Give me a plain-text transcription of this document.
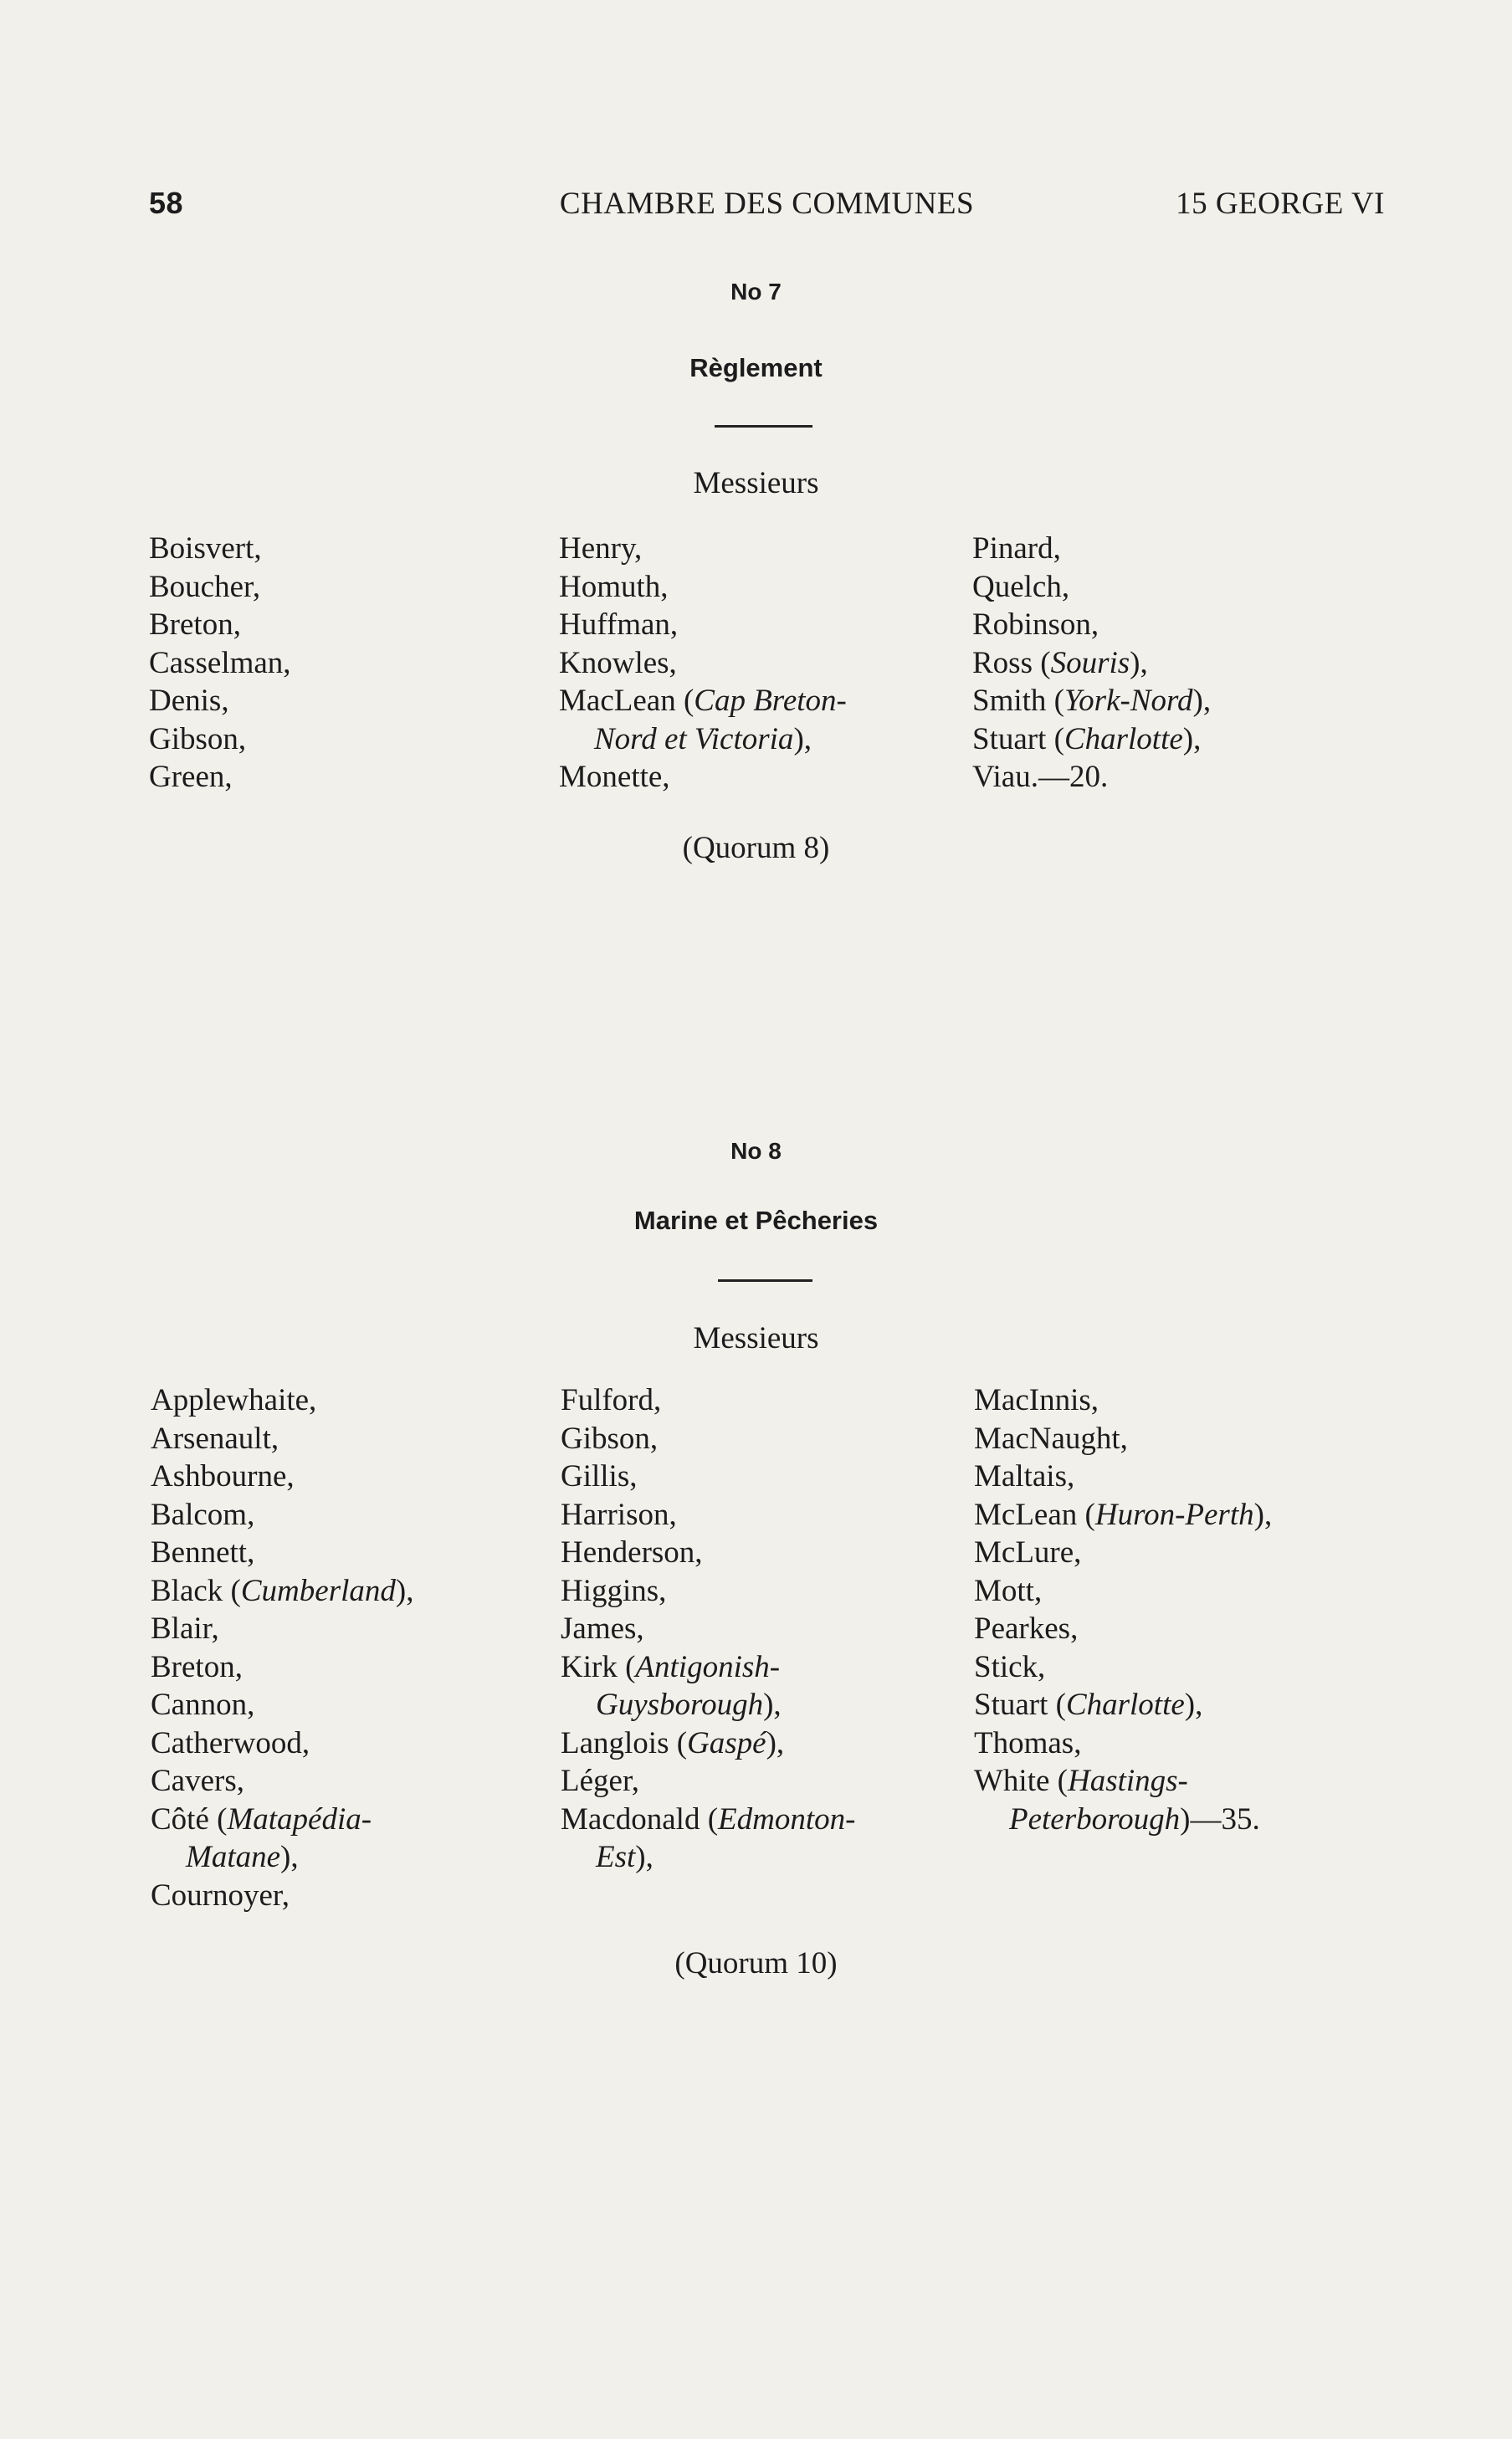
58	CHAMBRE DES COMMUNES	15 GEORGE VI
No 7
Règlement
Messieurs
Boisvert,
Boucher,
Breton,
Casselman,
Denis,
Gibson,
Green,
Henry,
Homuth,
Huffman,
Knowles,
MacLean (Cap Breton-
Nord et Victoria),
Monette,
Pinard,
Quelch,
Robinson,
Ross (Souris),
Smith (York-Nord),
Stuart (Charlotte),
Viau.—20.
(Quorum 8)
No 8
Marine et Pêcheries
Messieurs
Applewhaite,
Arsenault,
Ashbourne,
Balcom,
Bennett,
Black (Cumberland),
Blair,
Breton,
Cannon,
Catherwood,
Cavers,
Côté (Matapédia-
Matane),
Cournoyer,
Fulford,
Gibson,
Gillis,
Harrison,
Henderson,
Higgins,
James,
Kirk (Antigonish-
Guysborough),
Langlois (Gaspé),
Léger,
Macdonald (Edmonton-
Est),
MacInnis,
MacNaught,
Maltais,
McLean (Huron-Perth),
McLure,
Mott,
Pearkes,
Stick,
Stuart (Charlotte),
Thomas,
White (Hastings-
Peterborough)—35.
(Quorum 10)
